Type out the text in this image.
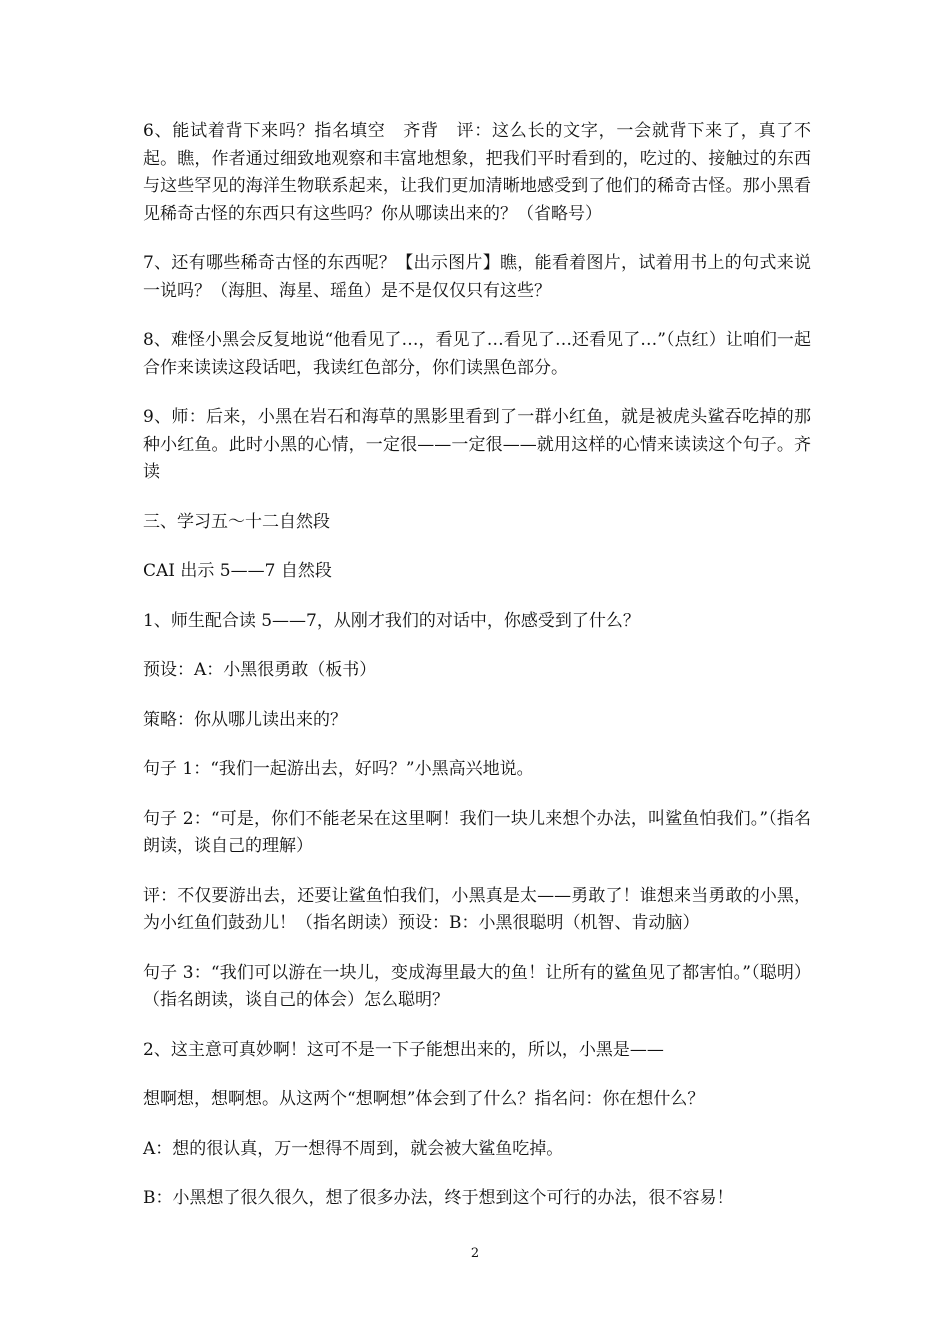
6、能试着背下来吗？指名填空　齐背　评：这么长的文字，一会就背下来了，真了不起。瞧，作者通过细致地观察和丰富地想象，把我们平时看到的，吃过的、接触过的东西与这些罕见的海洋生物联系起来，让我们更加清晰地感受到了他们的稀奇古怪。那小黑看见稀奇古怪的东西只有这些吗？你从哪读出来的？（省略号）

7、还有哪些稀奇古怪的东西呢？【出示图片】瞧，能看着图片，试着用书上的句式来说一说吗？（海胆、海星、瑶鱼）是不是仅仅只有这些？

8、难怪小黑会反复地说“他看见了…，看见了…看见了…还看见了…”（点红）让咱们一起合作来读读这段话吧，我读红色部分，你们读黑色部分。

9、师：后来，小黑在岩石和海草的黑影里看到了一群小红鱼，就是被虎头鲨吞吃掉的那种小红鱼。此时小黑的心情，一定很——一定很——就用这样的心情来读读这个句子。齐读

三、学习五～十二自然段

CAI 出示 5——7 自然段

1、师生配合读 5——7，从刚才我们的对话中，你感受到了什么？

预设：A：小黑很勇敢（板书）

策略：你从哪儿读出来的？

句子 1：“我们一起游出去，好吗？”小黑高兴地说。

句子 2：“可是，你们不能老呆在这里啊！我们一块儿来想个办法，叫鲨鱼怕我们。”（指名朗读，谈自己的理解）

评：不仅要游出去，还要让鲨鱼怕我们，小黑真是太——勇敢了！谁想来当勇敢的小黑，为小红鱼们鼓劲儿！（指名朗读）预设：B：小黑很聪明（机智、肯动脑）

句子 3：“我们可以游在一块儿，变成海里最大的鱼！让所有的鲨鱼见了都害怕。”（聪明）（指名朗读，谈自己的体会）怎么聪明？

2、这主意可真妙啊！这可不是一下子能想出来的，所以，小黑是——

想啊想，想啊想。从这两个“想啊想”体会到了什么？指名问：你在想什么？

A：想的很认真，万一想得不周到，就会被大鲨鱼吃掉。

B：小黑想了很久很久，想了很多办法，终于想到这个可行的办法，很不容易！

2
